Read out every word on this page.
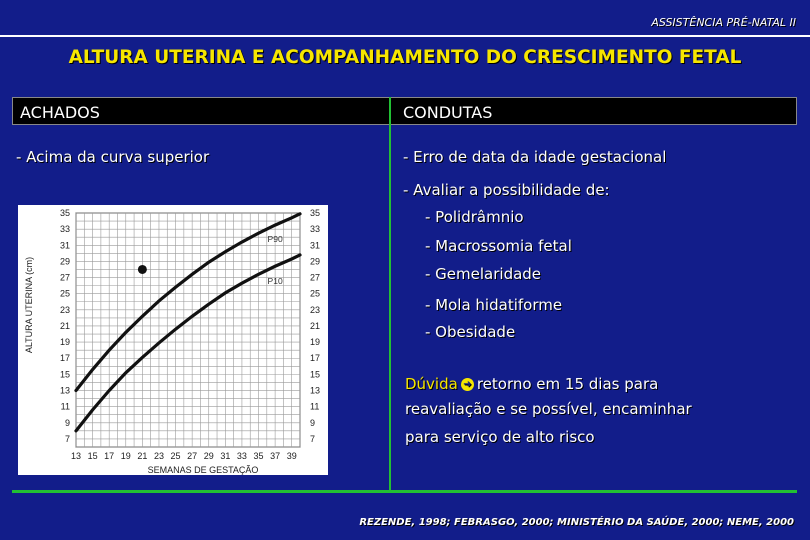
ASSISTÊNCIA PRÉ-NATAL II
ALTURA UTERINA E ACOMPANHAMENTO DO CRESCIMENTO FETAL
ACHADOS	CONDUTAS
- Acima da curva superior	- Erro de data da idade gestacional
- Avaliar a possibilidade de:
- Polidrâmnio
- Macrossomia fetal
- Gemelaridade
- Mola hidatiforme
- Obesidade
Dúvida ➜ retorno em 15 dias para
reavaliação e se possível, encaminhar
para serviço de alto risco
35	35
33	33
31	31
29	29
27	27
25	25
23	23
21	21
19	19
17	17
15	15
13	13
11	11
9	9
7	7
13 15 17 19 21 23 25 27 29 31 33 35 37 39
P90
P10
ALTURA UTERINA (cm)
SEMANAS DE GESTAÇÃO
REZENDE, 1998; FEBRASGO, 2000; MINISTÉRIO DA SAÚDE, 2000; NEME, 2000
